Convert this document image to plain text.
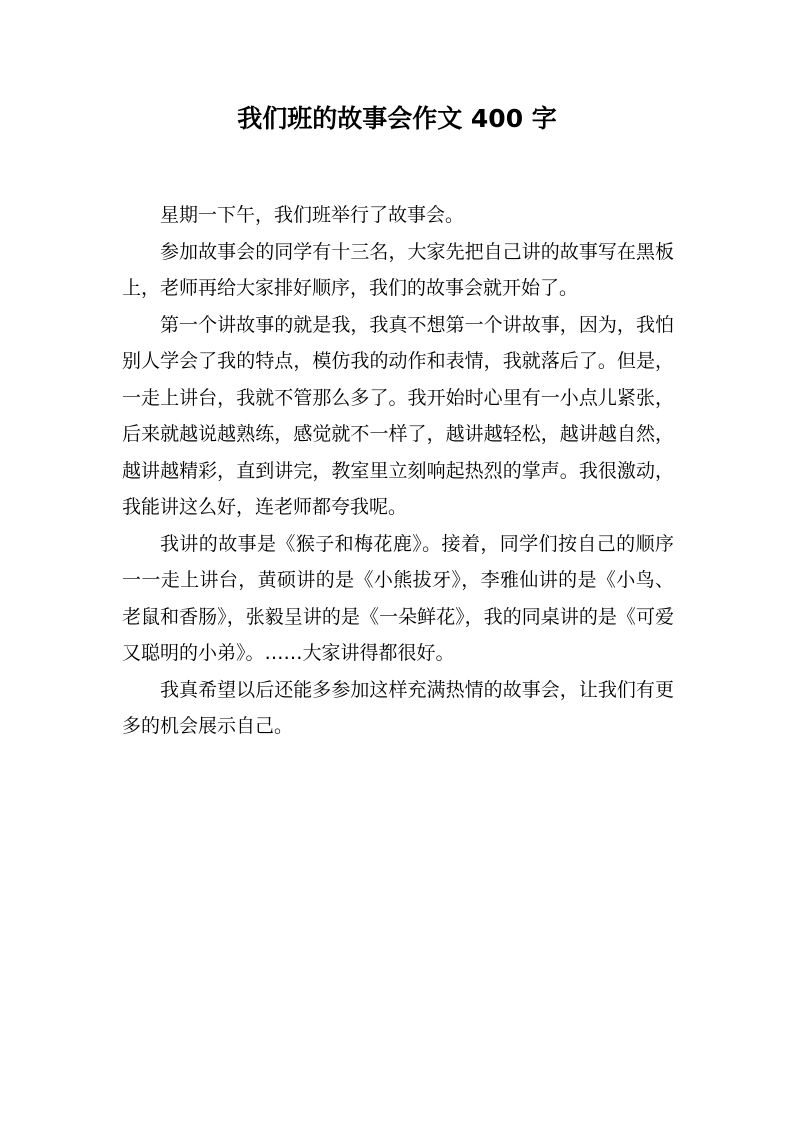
我们班的故事会作文 400 字

星期一下午，我们班举行了故事会。

参加故事会的同学有十三名，大家先把自己讲的故事写在黑板上，老师再给大家排好顺序，我们的故事会就开始了。

第一个讲故事的就是我，我真不想第一个讲故事，因为，我怕别人学会了我的特点，模仿我的动作和表情，我就落后了。但是，一走上讲台，我就不管那么多了。我开始时心里有一小点儿紧张，后来就越说越熟练，感觉就不一样了，越讲越轻松，越讲越自然，越讲越精彩，直到讲完，教室里立刻响起热烈的掌声。我很激动，我能讲这么好，连老师都夸我呢。

我讲的故事是《猴子和梅花鹿》。接着，同学们按自己的顺序一一走上讲台，黄硕讲的是《小熊拔牙》，李雅仙讲的是《小鸟、老鼠和香肠》，张毅呈讲的是《一朵鲜花》，我的同桌讲的是《可爱又聪明的小弟》。……大家讲得都很好。

我真希望以后还能多参加这样充满热情的故事会，让我们有更多的机会展示自己。
